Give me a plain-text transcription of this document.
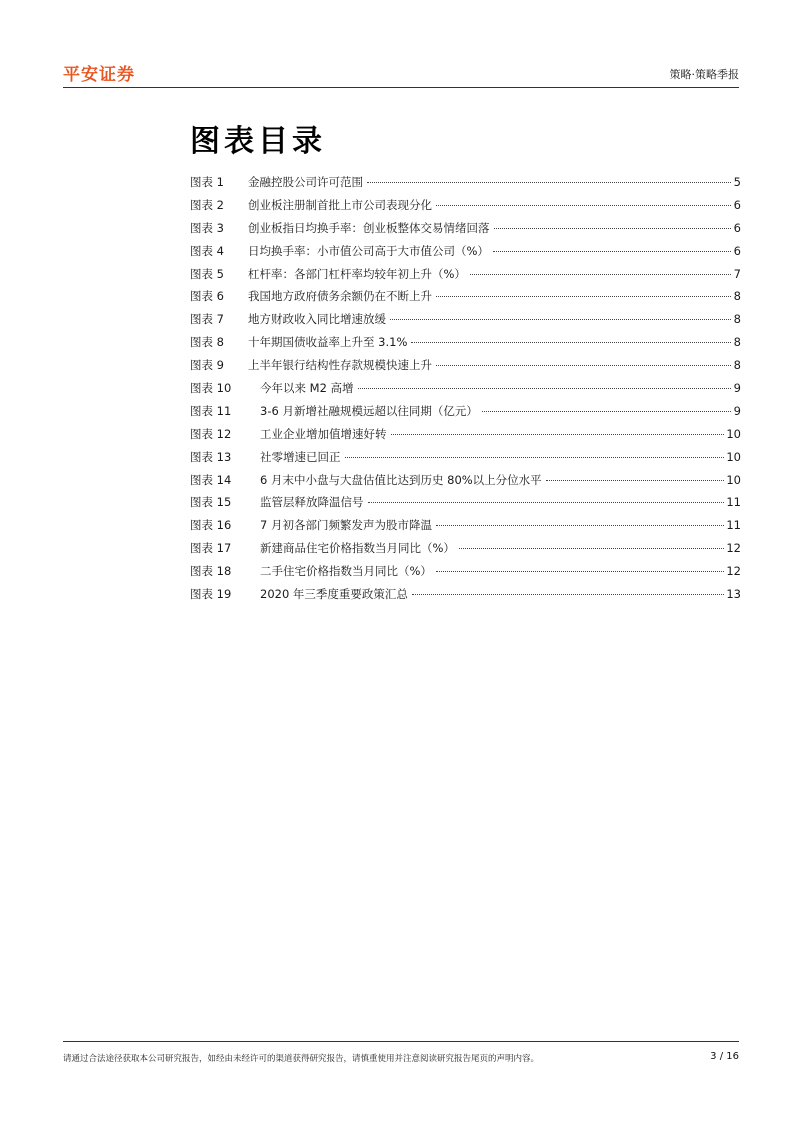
平安证券	策略·策略季报
图表目录
图表 1	金融控股公司许可范围	5
图表 2	创业板注册制首批上市公司表现分化	6
图表 3	创业板指日均换手率：创业板整体交易情绪回落	6
图表 4	日均换手率：小市值公司高于大市值公司（%）	6
图表 5	杠杆率：各部门杠杆率均较年初上升（%）	7
图表 6	我国地方政府债务余额仍在不断上升	8
图表 7	地方财政收入同比增速放缓	8
图表 8	十年期国债收益率上升至 3.1%	8
图表 9	上半年银行结构性存款规模快速上升	8
图表 10	今年以来 M2 高增	9
图表 11	3-6 月新增社融规模远超以往同期（亿元）	9
图表 12	工业企业增加值增速好转	10
图表 13	社零增速已回正	10
图表 14	6 月末中小盘与大盘估值比达到历史 80%以上分位水平	10
图表 15	监管层释放降温信号	11
图表 16	7 月初各部门频繁发声为股市降温	11
图表 17	新建商品住宅价格指数当月同比（%）	12
图表 18	二手住宅价格指数当月同比（%）	12
图表 19	2020 年三季度重要政策汇总	13
请通过合法途径获取本公司研究报告，如经由未经许可的渠道获得研究报告，请慎重使用并注意阅读研究报告尾页的声明内容。	3 / 16
